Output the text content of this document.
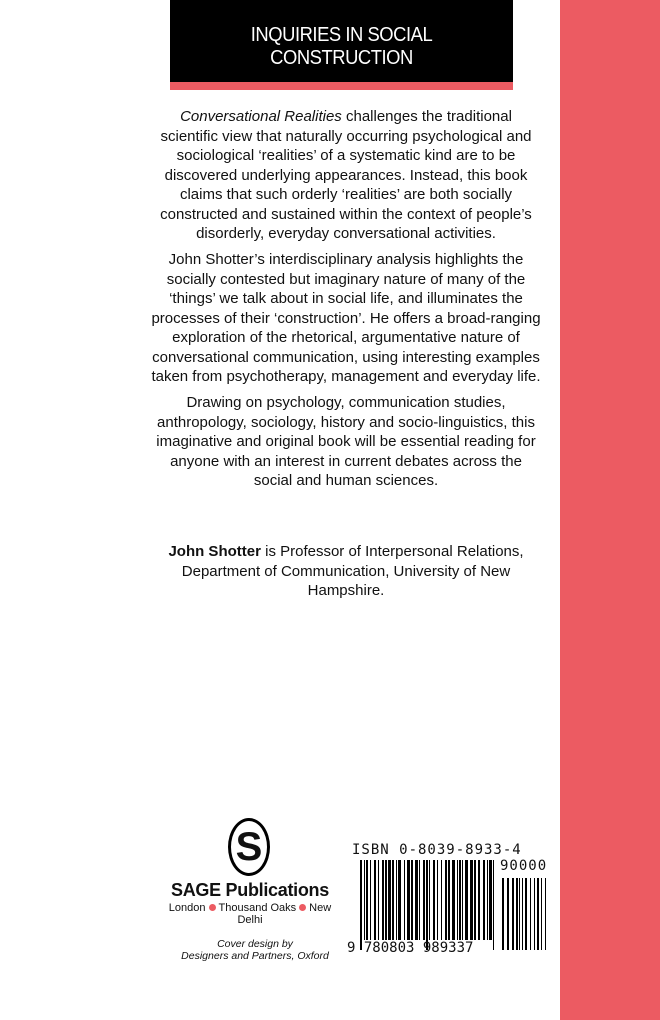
INQUIRIES IN SOCIAL CONSTRUCTION
Conversational Realities challenges the traditional scientific view that naturally occurring psychological and sociological ‘realities’ of a systematic kind are to be discovered underlying appearances. Instead, this book claims that such orderly ‘realities’ are both socially constructed and sustained within the context of people’s disorderly, everyday conversational activities.
John Shotter’s interdisciplinary analysis highlights the socially contested but imaginary nature of many of the ‘things’ we talk about in social life, and illuminates the processes of their ‘construction’. He offers a broad-ranging exploration of the rhetorical, argumentative nature of conversational communication, using interesting examples taken from psychotherapy, management and everyday life.
Drawing on psychology, communication studies, anthropology, sociology, history and socio-linguistics, this imaginative and original book will be essential reading for anyone with an interest in current debates across the social and human sciences.
John Shotter is Professor of Interpersonal Relations, Department of Communication, University of New Hampshire.
S
SAGE Publications
London Thousand Oaks New Delhi
Cover design by
Designers and Partners, Oxford
ISBN 0-8039-8933-4
90000
9 780803 989337
